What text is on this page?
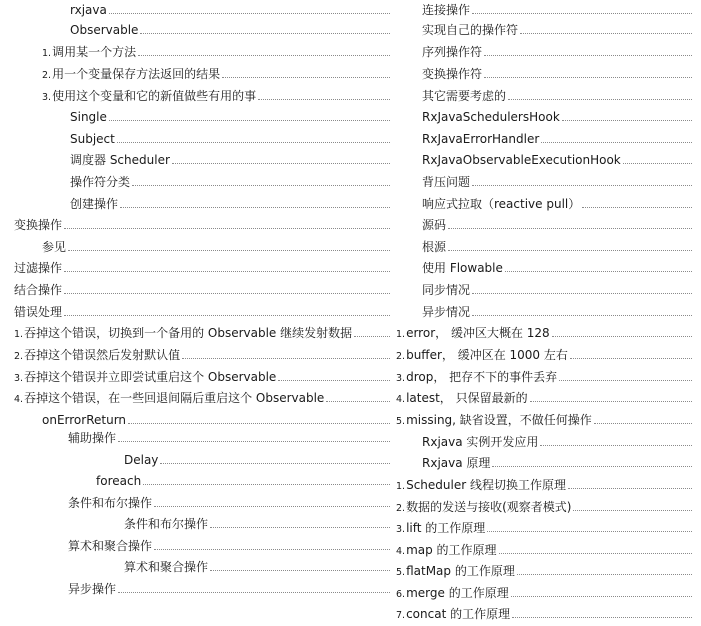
rxjava
Observable
1. 调用某一个方法
2. 用一个变量保存方法返回的结果
3. 使用这个变量和它的新值做些有用的事
Single
Subject
调度器 Scheduler
操作符分类
创建操作
变换操作
参见
过滤操作
结合操作
错误处理
1. 吞掉这个错误，切换到一个备用的 Observable 继续发射数据
2. 吞掉这个错误然后发射默认值
3. 吞掉这个错误并立即尝试重启这个 Observable
4. 吞掉这个错误，在一些回退间隔后重启这个 Observable
onErrorReturn
辅助操作
Delay
foreach
条件和布尔操作
条件和布尔操作
算术和聚合操作
算术和聚合操作
异步操作
连接操作
实现自己的操作符
序列操作符
变换操作符
其它需要考虑的
RxJavaSchedulersHook
RxJavaErrorHandler
RxJavaObservableExecutionHook
背压问题
响应式拉取（reactive pull）
源码
根源
使用 Flowable
同步情况
异步情况
1. error， 缓冲区大概在 128
2. buffer， 缓冲区在 1000 左右
3. drop， 把存不下的事件丢弃
4. latest， 只保留最新的
5. missing, 缺省设置，不做任何操作
Rxjava 实例开发应用
Rxjava 原理
1. Scheduler 线程切换工作原理
2. 数据的发送与接收(观察者模式)
3. lift 的工作原理
4. map 的工作原理
5. flatMap 的工作原理
6. merge 的工作原理
7. concat 的工作原理
